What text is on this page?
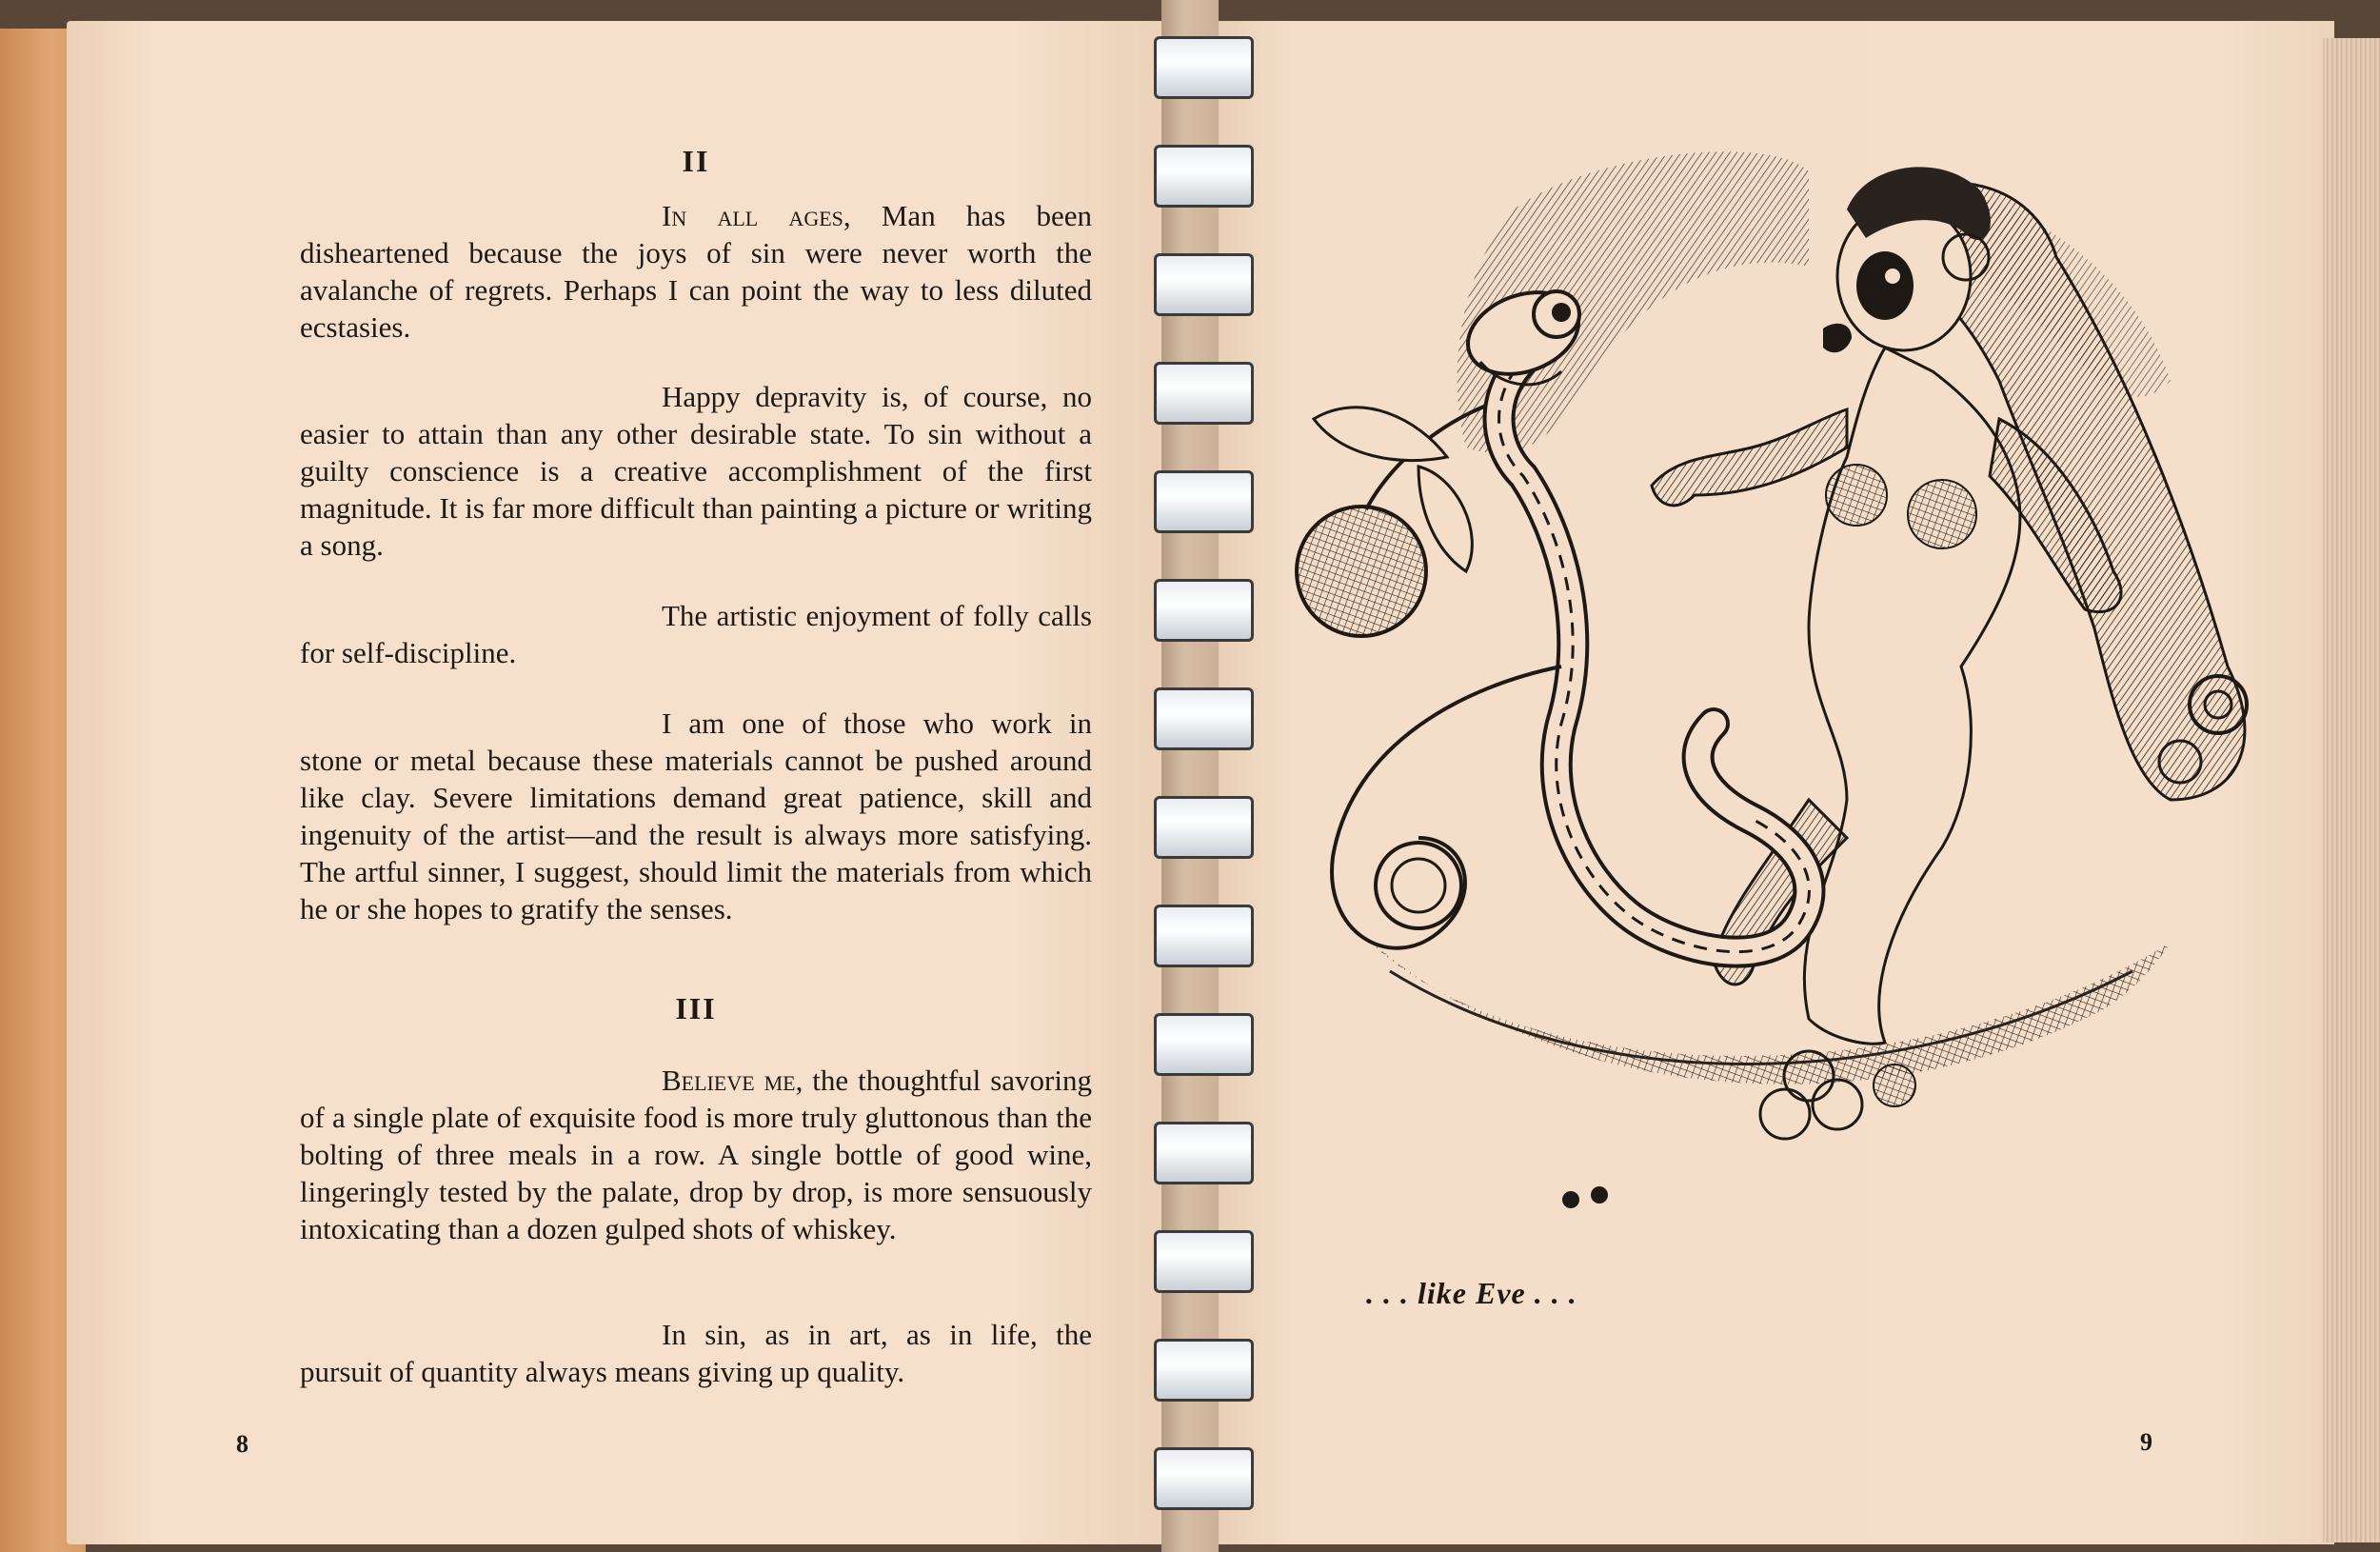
II

In all ages, Man has been disheartened because the joys of sin were never worth the avalanche of regrets. Perhaps I can point the way to less diluted ecstasies.

Happy depravity is, of course, no easier to attain than any other desirable state. To sin without a guilty conscience is a creative accomplishment of the first magnitude. It is far more difficult than painting a picture or writing a song.

The artistic enjoyment of folly calls for self-discipline.

I am one of those who work in stone or metal because these materials cannot be pushed around like clay. Severe limitations demand great patience, skill and ingenuity of the artist—and the result is always more satisfying. The artful sinner, I suggest, should limit the materials from which he or she hopes to gratify the senses.

III

Believe me, the thoughtful savoring of a single plate of exquisite food is more truly gluttonous than the bolting of three meals in a row. A single bottle of good wine, lingeringly tested by the palate, drop by drop, is more sensuously intoxicating than a dozen gulped shots of whiskey.

In sin, as in art, as in life, the pursuit of quantity always means giving up quality.

8
. . . like Eve . . .
9
